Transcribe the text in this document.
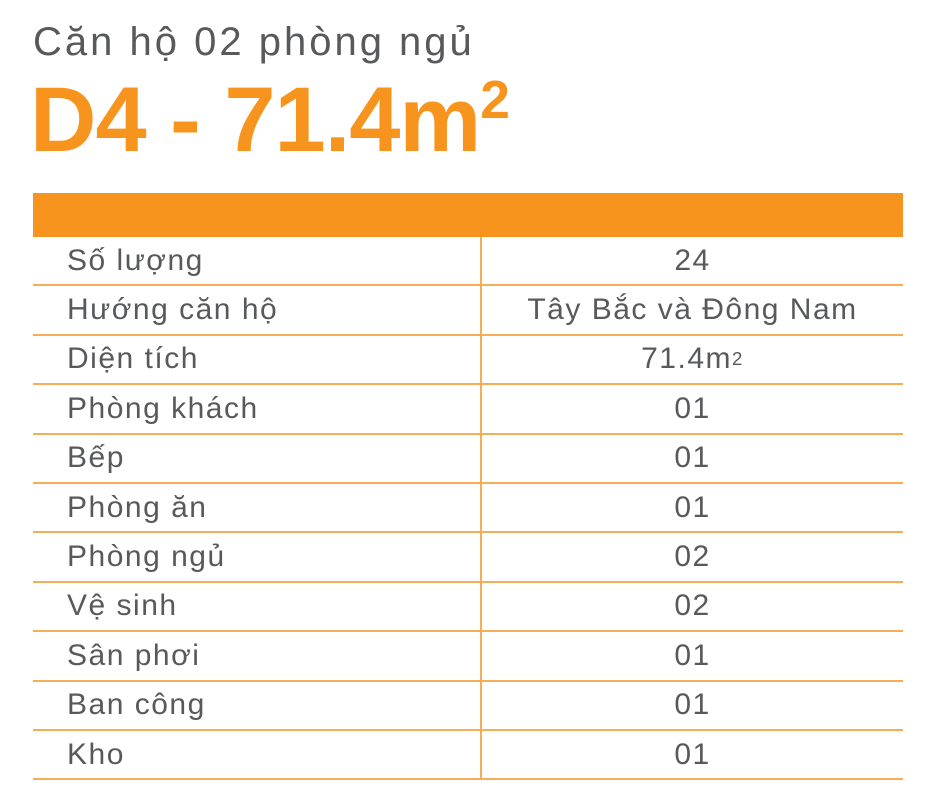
Căn hộ 02 phòng ngủ
$D4 - 71.4m^2$
Số lượng	24
Hướng căn hộ	Tây Bắc và Đông Nam
Diện tích	71.4m 2
Phòng khách	01
Bếp	01
Phòng ăn	01
Phòng ngủ	02
Vệ sinh	02
Sân phơi	01
Ban công	01
Kho	01
